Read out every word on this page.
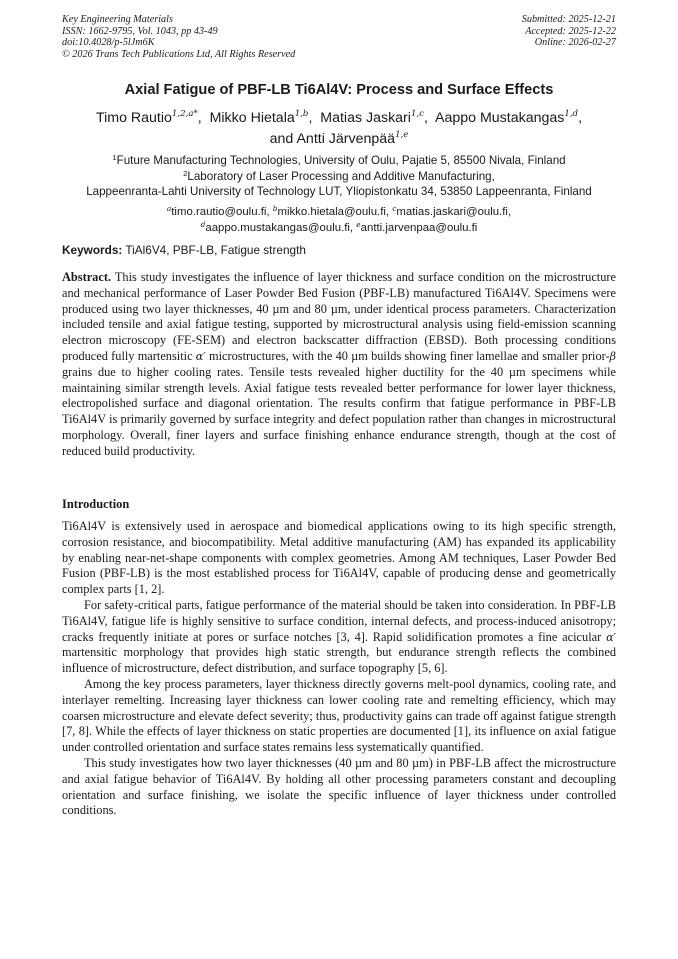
Key Engineering Materials
ISSN: 1662-9795, Vol. 1043, pp 43-49
doi:10.4028/p-5lJm6K
© 2026 Trans Tech Publications Ltd, All Rights Reserved
Submitted: 2025-12-21
Accepted: 2025-12-22
Online: 2026-02-27
Axial Fatigue of PBF-LB Ti6Al4V: Process and Surface Effects
Timo Rautio$^{1,2,a*}$,  Mikko Hietala$^{1,b}$,  Matias Jaskari$^{1,c}$,  Aappo Mustakangas$^{1,d}$,
and Antti Järvenpää$^{1,e}$
$^1$Future Manufacturing Technologies, University of Oulu, Pajatie 5, 85500 Nivala, Finland
$^2$Laboratory of Laser Processing and Additive Manufacturing,
Lappeenranta-Lahti University of Technology LUT, Yliopistonkatu 34, 53850 Lappeenranta, Finland
$^a$timo.rautio@oulu.fi, $^b$mikko.hietala@oulu.fi, $^c$matias.jaskari@oulu.fi,
$^d$aappo.mustakangas@oulu.fi, $^e$antti.jarvenpaa@oulu.fi
Keywords: TiAl6V4, PBF-LB, Fatigue strength
Abstract. This study investigates the influence of layer thickness and surface condition on the microstructure and mechanical performance of Laser Powder Bed Fusion (PBF-LB) manufactured Ti6Al4V. Specimens were produced using two layer thicknesses, 40 µm and 80 µm, under identical process parameters. Characterization included tensile and axial fatigue testing, supported by microstructural analysis using field-emission scanning electron microscopy (FE-SEM) and electron backscatter diffraction (EBSD). Both processing conditions produced fully martensitic α′ microstructures, with the 40 µm builds showing finer lamellae and smaller prior-β grains due to higher cooling rates. Tensile tests revealed higher ductility for the 40 µm specimens while maintaining similar strength levels. Axial fatigue tests revealed better performance for lower layer thickness, electropolished surface and diagonal orientation. The results confirm that fatigue performance in PBF-LB Ti6Al4V is primarily governed by surface integrity and defect population rather than changes in microstructural morphology. Overall, finer layers and surface finishing enhance endurance strength, though at the cost of reduced build productivity.
Introduction

Ti6Al4V is extensively used in aerospace and biomedical applications owing to its high specific strength, corrosion resistance, and biocompatibility. Metal additive manufacturing (AM) has expanded its applicability by enabling near-net-shape components with complex geometries. Among AM techniques, Laser Powder Bed Fusion (PBF-LB) is the most established process for Ti6Al4V, capable of producing dense and geometrically complex parts [1, 2].

For safety-critical parts, fatigue performance of the material should be taken into consideration. In PBF-LB Ti6Al4V, fatigue life is highly sensitive to surface condition, internal defects, and process-induced anisotropy; cracks frequently initiate at pores or surface notches [3, 4]. Rapid solidification promotes a fine acicular α′ martensitic morphology that provides high static strength, but endurance strength reflects the combined influence of microstructure, defect distribution, and surface topography [5, 6].

Among the key process parameters, layer thickness directly governs melt-pool dynamics, cooling rate, and interlayer remelting. Increasing layer thickness can lower cooling rate and remelting efficiency, which may coarsen microstructure and elevate defect severity; thus, productivity gains can trade off against fatigue strength [7, 8]. While the effects of layer thickness on static properties are documented [1], its influence on axial fatigue under controlled orientation and surface states remains less systematically quantified.

This study investigates how two layer thicknesses (40 µm and 80 µm) in PBF-LB affect the microstructure and axial fatigue behavior of Ti6Al4V. By holding all other processing parameters constant and decoupling orientation and surface finishing, we isolate the specific influence of layer thickness under controlled conditions.
